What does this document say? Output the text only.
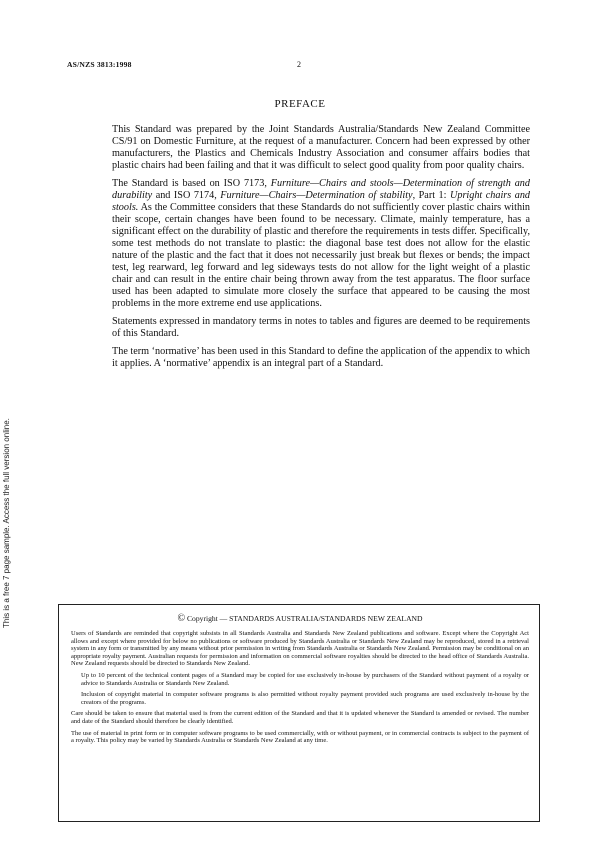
AS/NZS 3813:1998	2
This is a free 7 page sample. Access the full version online.
PREFACE

This Standard was prepared by the Joint Standards Australia/Standards New Zealand Committee CS/91 on Domestic Furniture, at the request of a manufacturer. Concern had been expressed by other manufacturers, the Plastics and Chemicals Industry Association and consumer affairs bodies that plastic chairs had been failing and that it was difficult to select good quality from poor quality chairs.

The Standard is based on ISO 7173, Furniture—Chairs and stools—Determination of strength and durability and ISO 7174, Furniture—Chairs—Determination of stability, Part 1: Upright chairs and stools. As the Committee considers that these Standards do not sufficiently cover plastic chairs within their scope, certain changes have been found to be necessary. Climate, mainly temperature, has a significant effect on the durability of plastic and therefore the requirements in tests differ. Specifically, some test methods do not translate to plastic: the diagonal base test does not allow for the elastic nature of the plastic and the fact that it does not necessarily just break but flexes or bends; the impact test, leg rearward, leg forward and leg sideways tests do not allow for the light weight of a plastic chair and can result in the entire chair being thrown away from the test apparatus. The floor surface used has been adapted to simulate more closely the surface that appeared to be causing the most problems in the more extreme end use applications.

Statements expressed in mandatory terms in notes to tables and figures are deemed to be requirements of this Standard.

The term ‘normative’ has been used in this Standard to define the application of the appendix to which it applies. A ‘normative’ appendix is an integral part of a Standard.

© Copyright — STANDARDS AUSTRALIA/STANDARDS NEW ZEALAND

Users of Standards are reminded that copyright subsists in all Standards Australia and Standards New Zealand publications and software. Except where the Copyright Act allows and except where provided for below no publications or software produced by Standards Australia or Standards New Zealand may be reproduced, stored in a retrieval system in any form or transmitted by any means without prior permission in writing from Standards Australia or Standards New Zealand. Permission may be conditional on an appropriate royalty payment. Australian requests for permission and information on commercial software royalties should be directed to the head office of Standards Australia. New Zealand requests should be directed to Standards New Zealand.

Up to 10 percent of the technical content pages of a Standard may be copied for use exclusively in-house by purchasers of the Standard without payment of a royalty or advice to Standards Australia or Standards New Zealand.

Inclusion of copyright material in computer software programs is also permitted without royalty payment provided such programs are used exclusively in-house by the creators of the programs.

Care should be taken to ensure that material used is from the current edition of the Standard and that it is updated whenever the Standard is amended or revised. The number and date of the Standard should therefore be clearly identified.

The use of material in print form or in computer software programs to be used commercially, with or without payment, or in commercial contracts is subject to the payment of a royalty. This policy may be varied by Standards Australia or Standards New Zealand at any time.
